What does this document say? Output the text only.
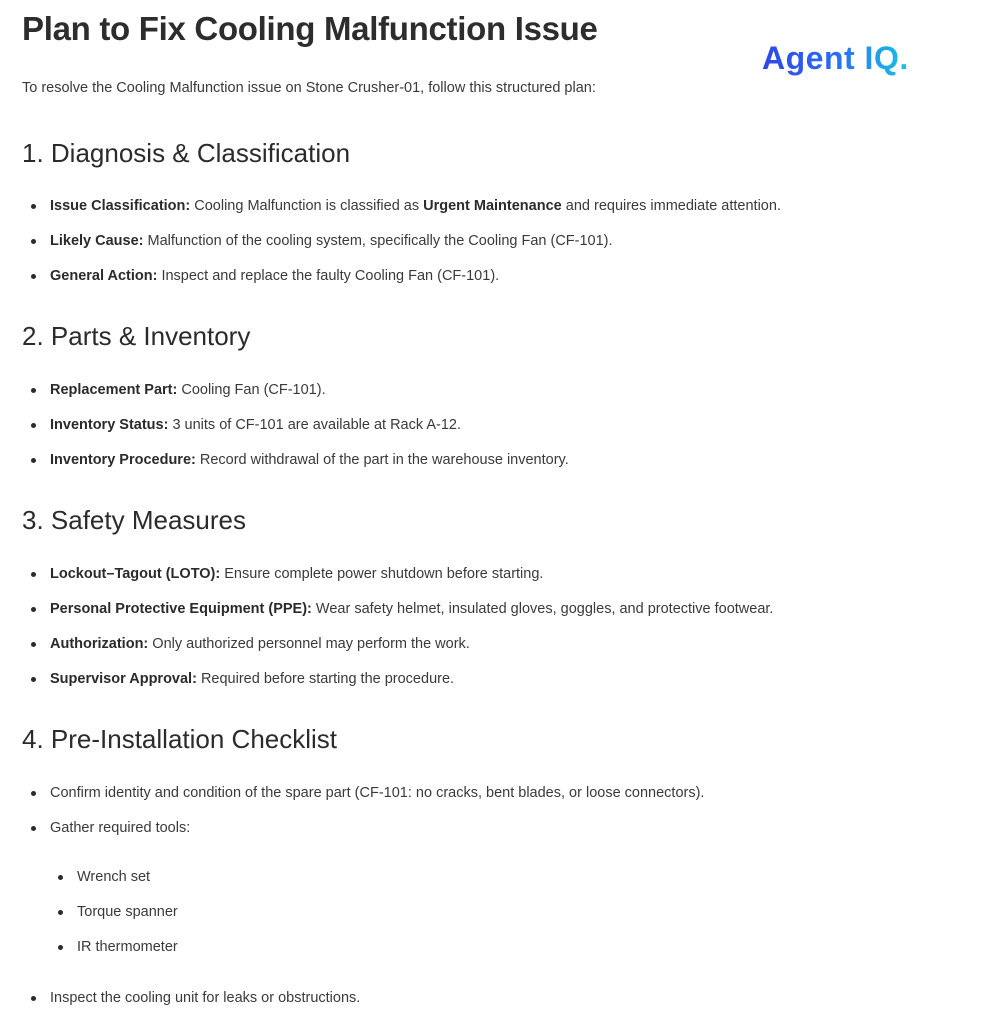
Plan to Fix Cooling Malfunction Issue
Agent IQ.

To resolve the Cooling Malfunction issue on Stone Crusher-01, follow this structured plan:

1. Diagnosis & Classification
Issue Classification: Cooling Malfunction is classified as Urgent Maintenance and requires immediate attention.
Likely Cause: Malfunction of the cooling system, specifically the Cooling Fan (CF-101).
General Action: Inspect and replace the faulty Cooling Fan (CF-101).
2. Parts & Inventory
Replacement Part: Cooling Fan (CF-101).
Inventory Status: 3 units of CF-101 are available at Rack A-12.
Inventory Procedure: Record withdrawal of the part in the warehouse inventory.
3. Safety Measures
Lockout–Tagout (LOTO): Ensure complete power shutdown before starting.
Personal Protective Equipment (PPE): Wear safety helmet, insulated gloves, goggles, and protective footwear.
Authorization: Only authorized personnel may perform the work.
Supervisor Approval: Required before starting the procedure.
4. Pre-Installation Checklist
Confirm identity and condition of the spare part (CF-101: no cracks, bent blades, or loose connectors).
Gather required tools:
Wrench set
Torque spanner
IR thermometer
Inspect the cooling unit for leaks or obstructions.
